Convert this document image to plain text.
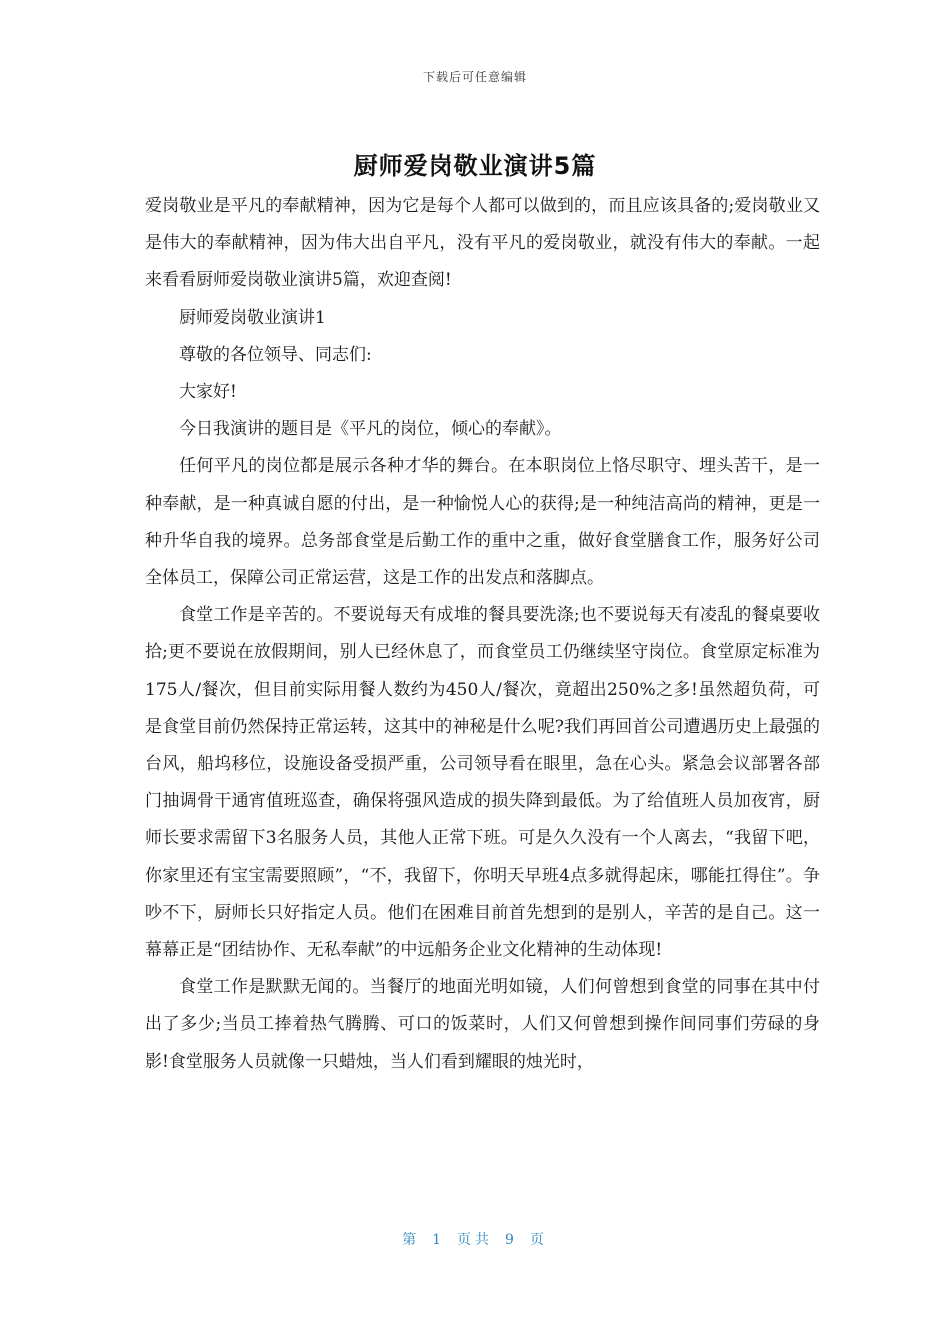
下载后可任意编辑
厨师爱岗敬业演讲5篇

爱岗敬业是平凡的奉献精神，因为它是每个人都可以做到的，而且应该具备的;爱岗敬业又是伟大的奉献精神，因为伟大出自平凡，没有平凡的爱岗敬业，就没有伟大的奉献。一起来看看厨师爱岗敬业演讲5篇，欢迎查阅!

厨师爱岗敬业演讲1

尊敬的各位领导、同志们:

大家好!

今日我演讲的题目是《平凡的岗位，倾心的奉献》。

任何平凡的岗位都是展示各种才华的舞台。在本职岗位上恪尽职守、埋头苦干，是一种奉献，是一种真诚自愿的付出，是一种愉悦人心的获得;是一种纯洁高尚的精神，更是一种升华自我的境界。总务部食堂是后勤工作的重中之重，做好食堂膳食工作，服务好公司全体员工，保障公司正常运营，这是工作的出发点和落脚点。

食堂工作是辛苦的。不要说每天有成堆的餐具要洗涤;也不要说每天有凌乱的餐桌要收拾;更不要说在放假期间，别人已经休息了，而食堂员工仍继续坚守岗位。食堂原定标准为175人/餐次，但目前实际用餐人数约为450人/餐次，竟超出250%之多!虽然超负荷，可是食堂目前仍然保持正常运转，这其中的神秘是什么呢?我们再回首公司遭遇历史上最强的台风，船坞移位，设施设备受损严重，公司领导看在眼里，急在心头。紧急会议部署各部门抽调骨干通宵值班巡查，确保将强风造成的损失降到最低。为了给值班人员加夜宵，厨师长要求需留下3名服务人员，其他人正常下班。可是久久没有一个人离去，“我留下吧，你家里还有宝宝需要照顾”，“不，我留下，你明天早班4点多就得起床，哪能扛得住”。争吵不下，厨师长只好指定人员。他们在困难目前首先想到的是别人，辛苦的是自己。这一幕幕正是“团结协作、无私奉献”的中远船务企业文化精神的生动体现!

食堂工作是默默无闻的。当餐厅的地面光明如镜，人们何曾想到食堂的同事在其中付出了多少;当员工捧着热气腾腾、可口的饭菜时，人们又何曾想到操作间同事们劳碌的身影!食堂服务人员就像一只蜡烛，当人们看到耀眼的烛光时，

第 1 页共 9 页
